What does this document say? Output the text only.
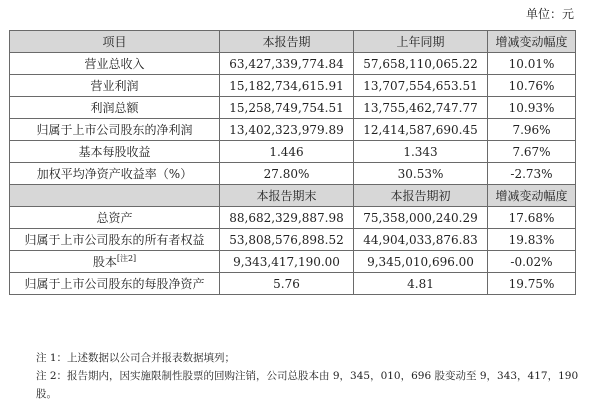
单位：元
项目	本报告期	上年同期	增减变动幅度
营业总收入	63,427,339,774.84	57,658,110,065.22	10.01%
营业利润	15,182,734,615.91	13,707,554,653.51	10.76%
利润总额	15,258,749,754.51	13,755,462,747.77	10.93%
归属于上市公司股东的净利润	13,402,323,979.89	12,414,587,690.45	7.96%
基本每股收益	1.446	1.343	7.67%
加权平均净资产收益率（%）	27.80%	30.53%	-2.73%
	本报告期末	本报告期初	增减变动幅度
总资产	88,682,329,887.98	75,358,000,240.29	17.68%
归属于上市公司股东的所有者权益	53,808,576,898.52	44,904,033,876.83	19.83%
股本[注2]	9,343,417,190.00	9,345,010,696.00	-0.02%
归属于上市公司股东的每股净资产	5.76	4.81	19.75%
注 1：上述数据以公司合并报表数据填列；
注 2：报告期内，因实施限制性股票的回购注销，公司总股本由 9，345，010，696 股变动至 9，343，417，190
股。
